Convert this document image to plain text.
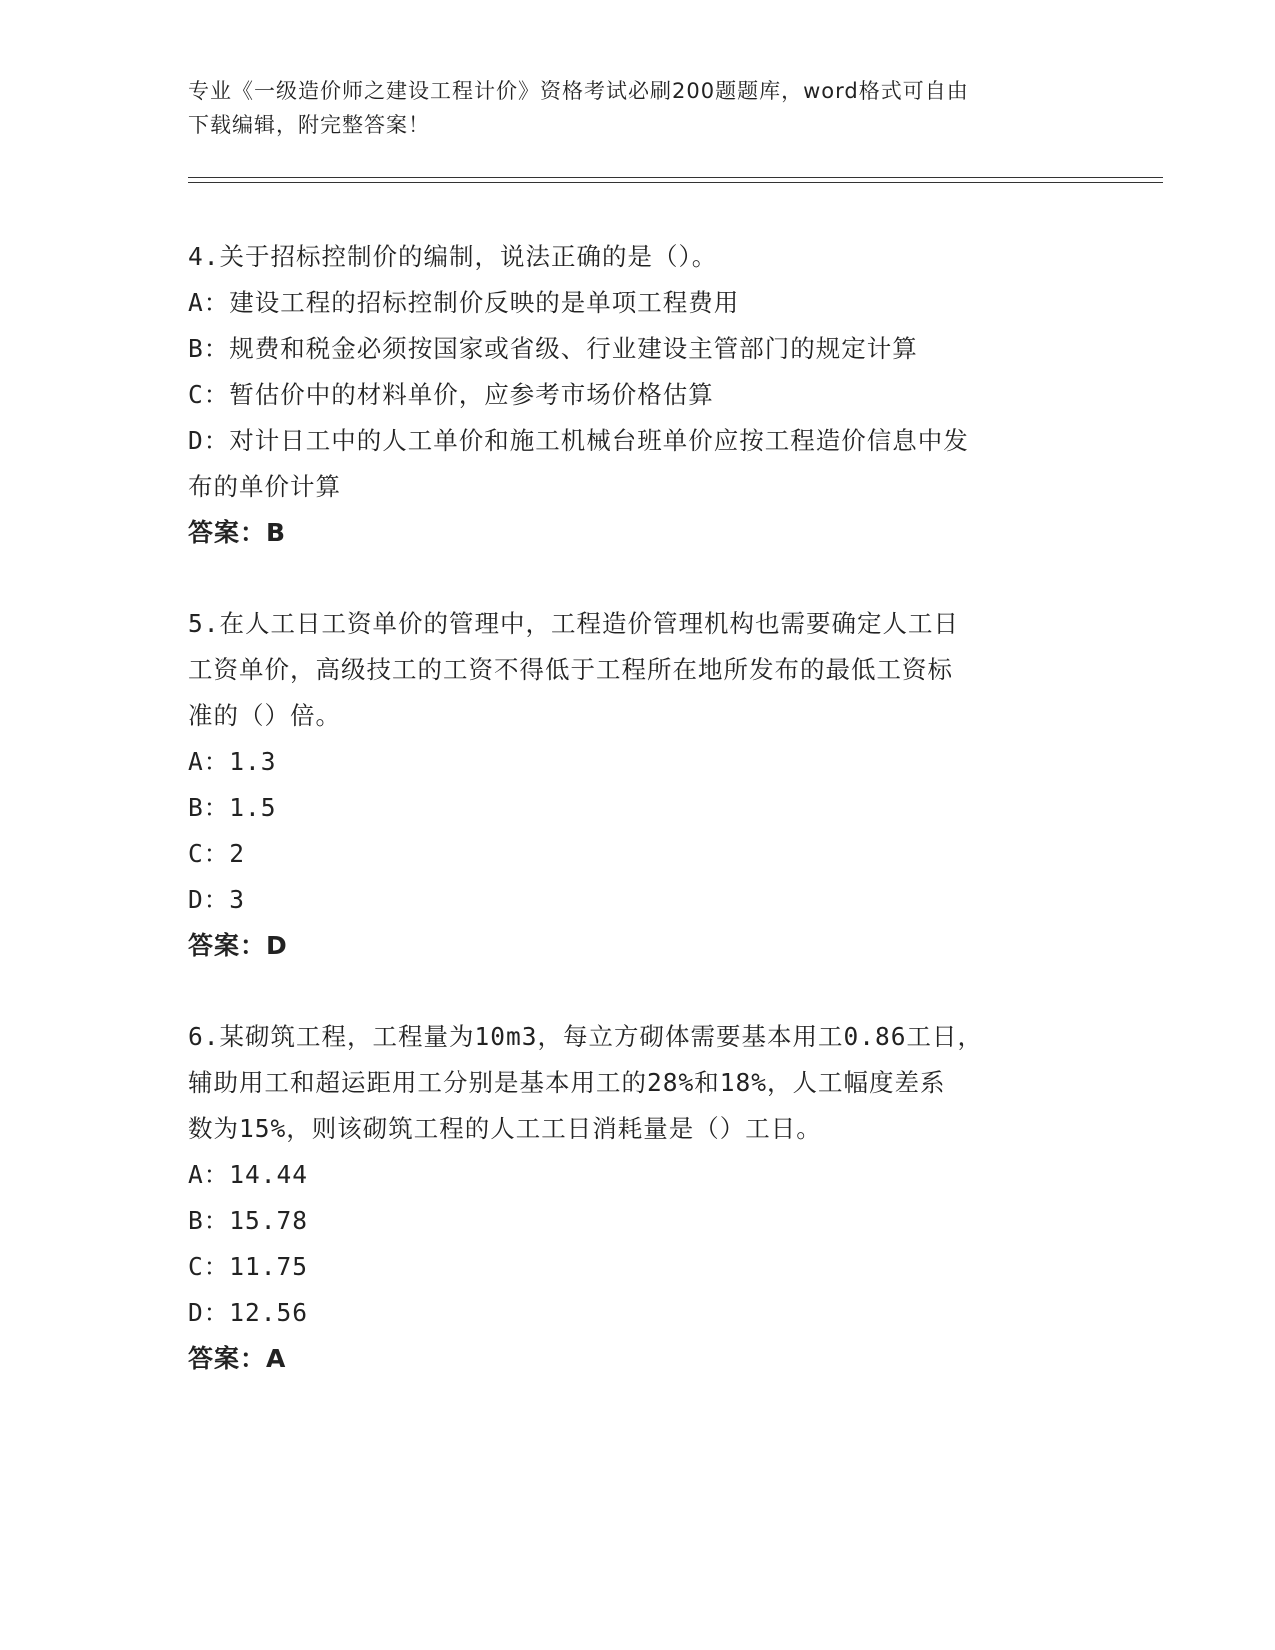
专业《一级造价师之建设工程计价》资格考试必刷200题题库，word格式可自由
下载编辑，附完整答案！
4.关于招标控制价的编制，说法正确的是（）。
A：建设工程的招标控制价反映的是单项工程费用
B：规费和税金必须按国家或省级、行业建设主管部门的规定计算
C：暂估价中的材料单价，应参考市场价格估算
D：对计日工中的人工单价和施工机械台班单价应按工程造价信息中发
布的单价计算
答案：B
5.在人工日工资单价的管理中，工程造价管理机构也需要确定人工日
工资单价，高级技工的工资不得低于工程所在地所发布的最低工资标
准的（）倍。
A：1.3
B：1.5
C：2
D：3
答案：D
6.某砌筑工程，工程量为10m3，每立方砌体需要基本用工0.86工日，
辅助用工和超运距用工分别是基本用工的28%和18%，人工幅度差系
数为15%，则该砌筑工程的人工工日消耗量是（）工日。
A：14.44
B：15.78
C：11.75
D：12.56
答案：A
